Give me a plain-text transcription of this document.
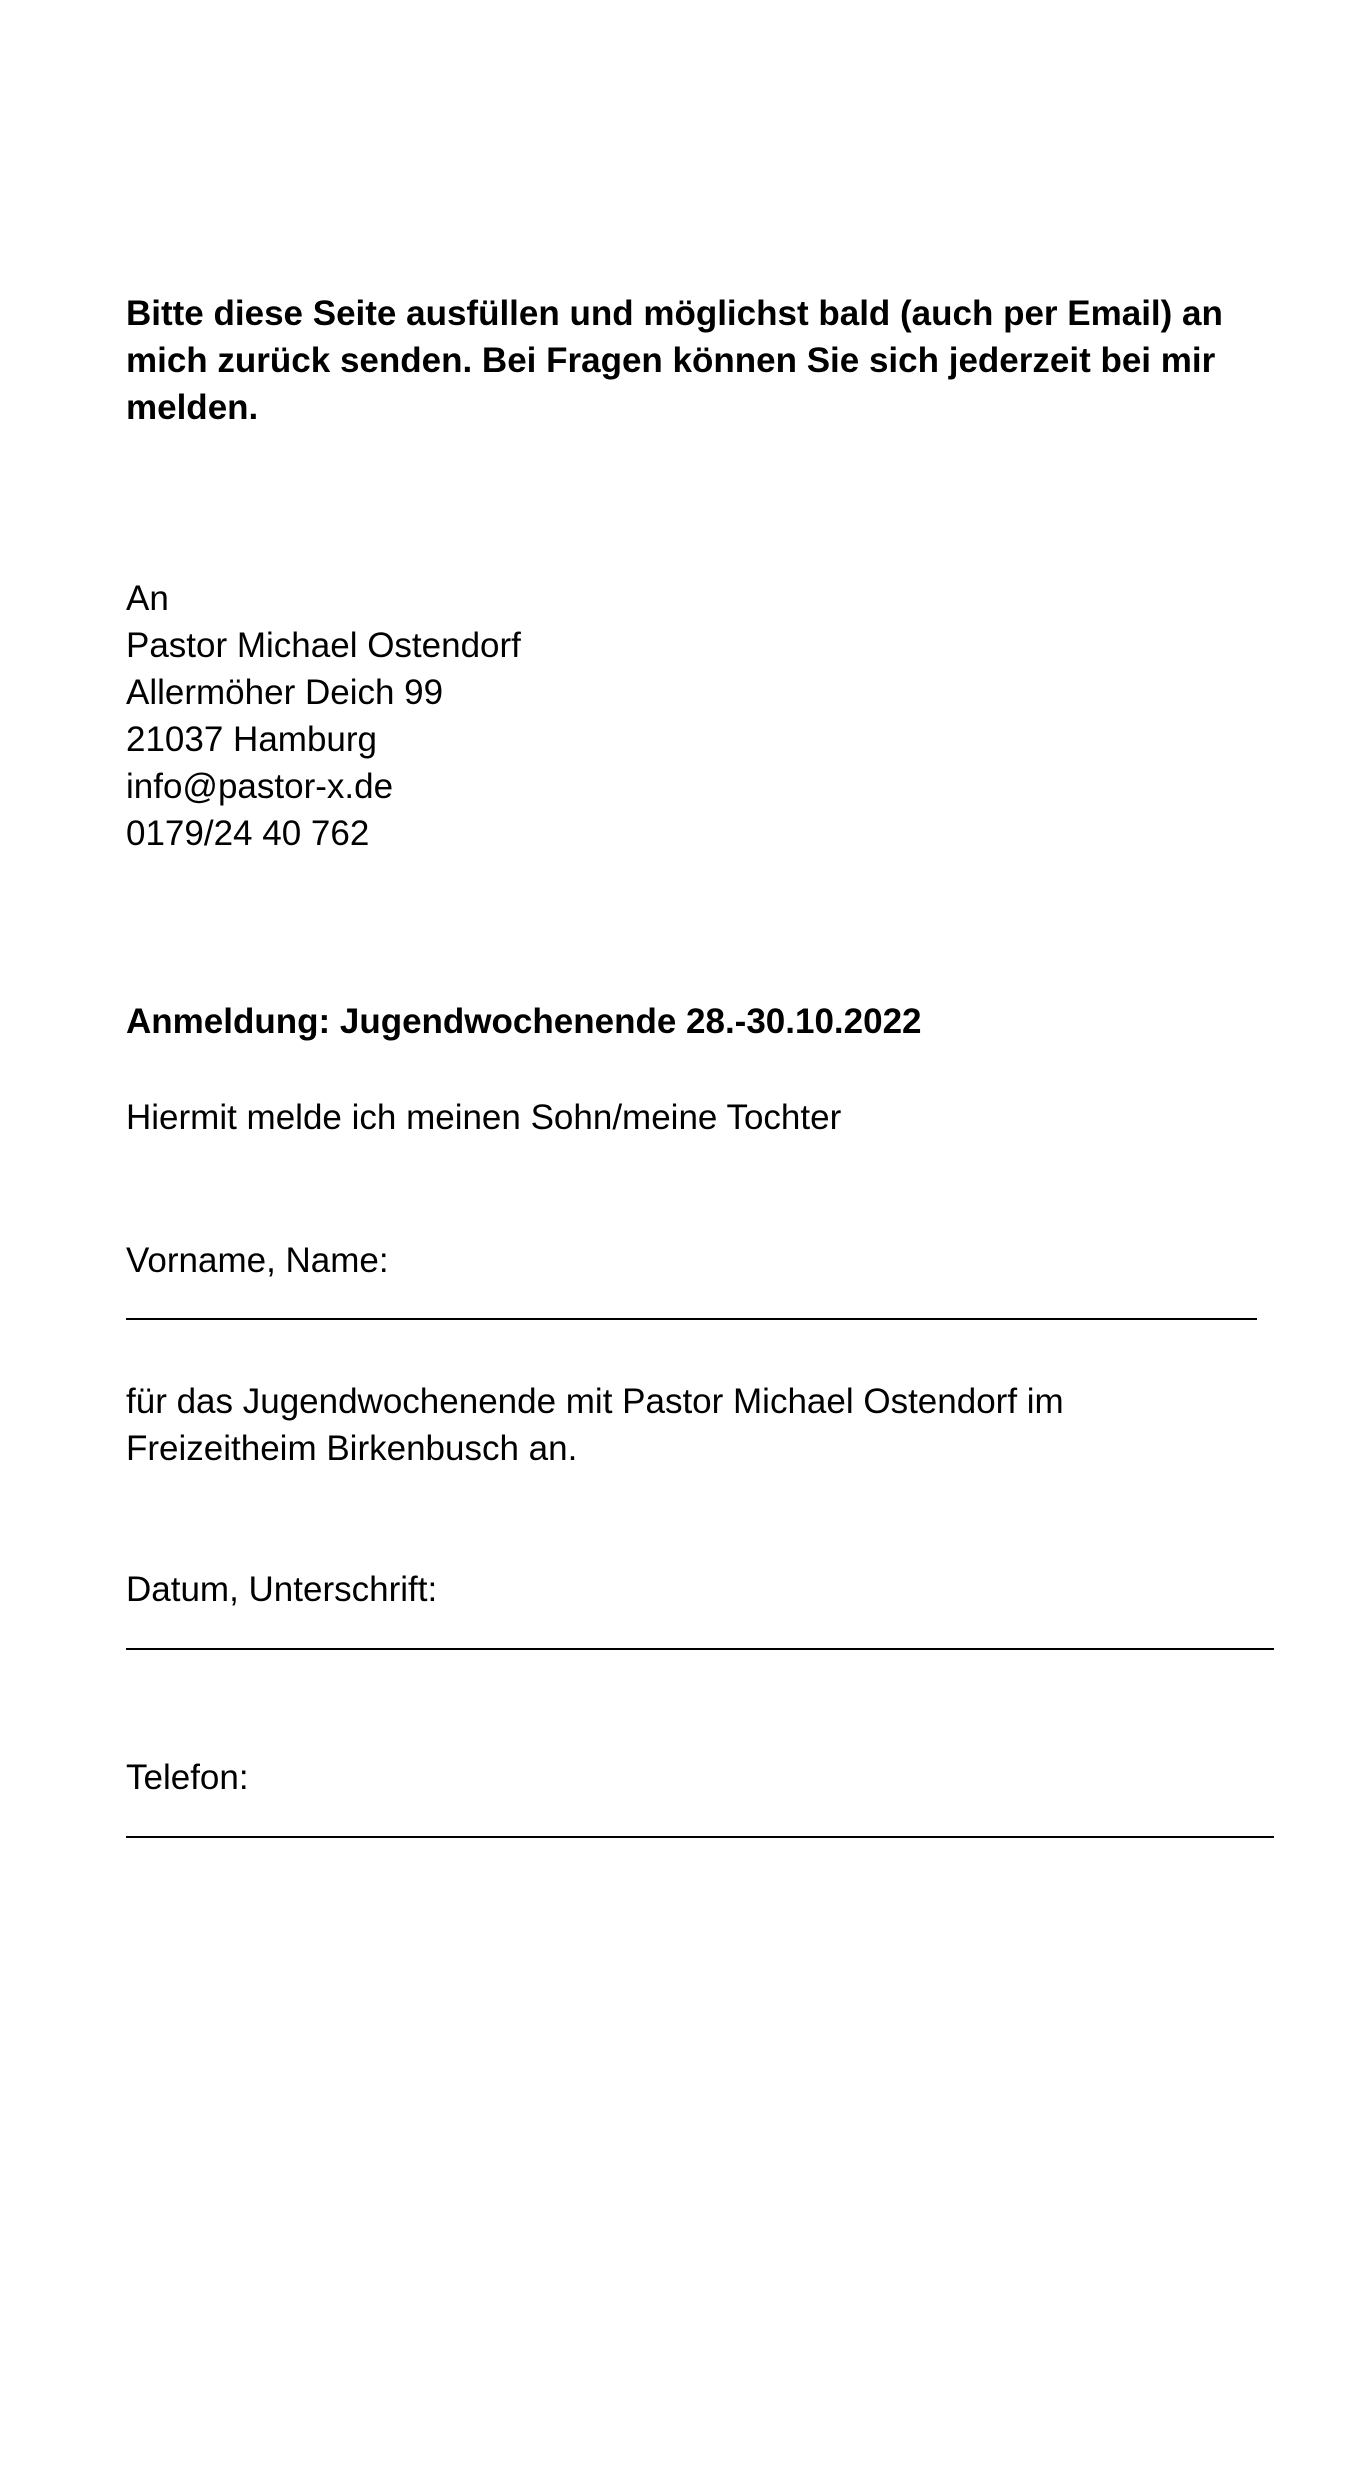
Bitte diese Seite ausfüllen und möglichst bald (auch per Email) an mich zurück senden. Bei Fragen können Sie sich jederzeit bei mir melden.
An
Pastor Michael Ostendorf
Allermöher Deich 99
21037 Hamburg
info@pastor-x.de
0179/24 40 762
Anmeldung: Jugendwochenende 28.-30.10.2022
Hiermit melde ich meinen Sohn/meine Tochter
Vorname, Name:
für das Jugendwochenende mit Pastor Michael Ostendorf im
Freizeitheim Birkenbusch an.
Datum, Unterschrift:
Telefon:
